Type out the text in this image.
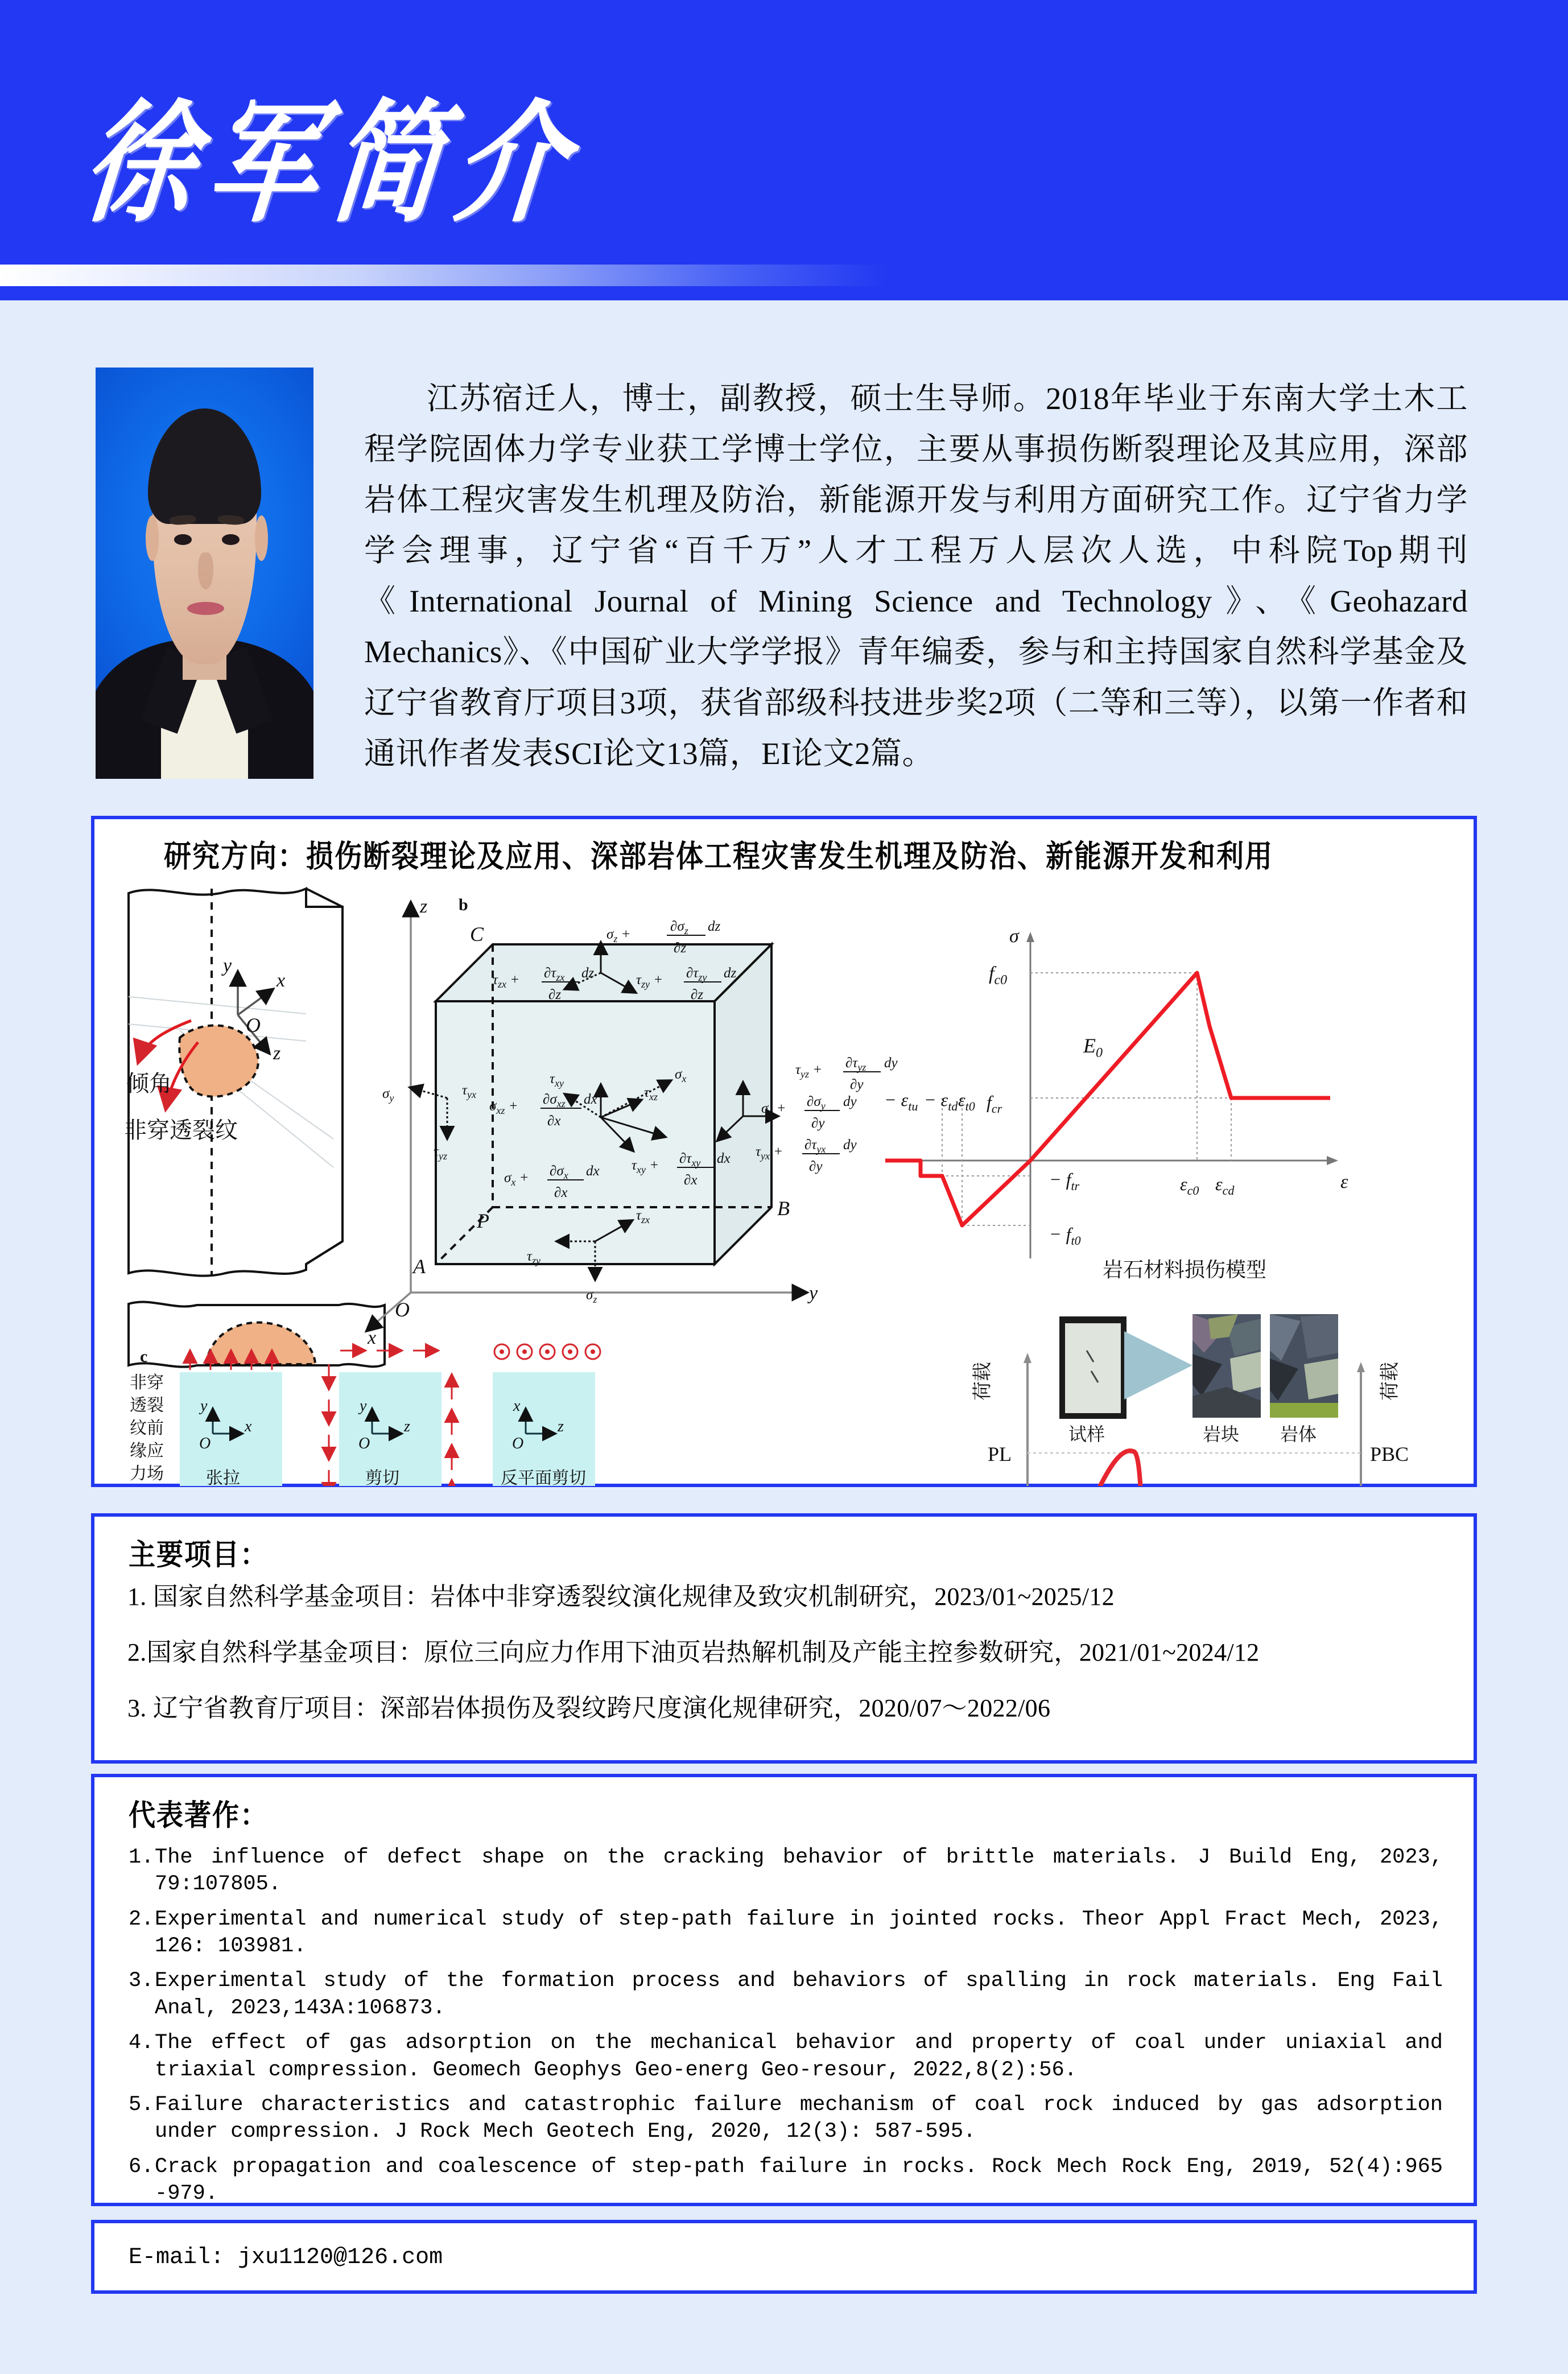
徐军简介
江苏宿迁人，博士，副教授，硕士生导师。2018年毕业于东南大学土木工程学院固体力学专业获工学博士学位，主要从事损伤断裂理论及其应用，深部岩体工程灾害发生机理及防治，新能源开发与利用方面研究工作。辽宁省力学学会理事，辽宁省“百千万”人才工程万人层次人选，中科院Top期刊《International Journal of Mining Science and Technology》、《Geohazard Mechanics》、《中国矿业大学学报》青年编委，参与和主持国家自然科学基金及辽宁省教育厅项目3项，获省部级科技进步奖2项（二等和三等），以第一作者和通讯作者发表SCI论文13篇，EI论文2篇。
研究方向：损伤断裂理论及应用、深部岩体工程灾害发生机理及防治、新能源开发和利用
y
x
z
O
倾角
非穿透裂纹
z
y
x
O
b
C
A
B
P
$\sigma_z$ +
$\partial\sigma_z$ dz
∂z
$\tau_{zx} + \partial\tau_{zx}$ dz
∂z
$\tau_{zy} + \partial\tau_{zy}$ dz
∂z
$\sigma_x$
$\tau_{xy}$
$\tau_{xz}$
$\tau_{yx}$
$\sigma_{xz} + \partial\sigma_{xz}$ dx
∂x
$\sigma_x + \partial\sigma_x$ dx
∂x
$\tau_{xy} + \partial\tau_{xy}$ dx
∂x
$\sigma_y$
$\tau_{yz}$
$\tau_{yz} + \partial\tau_{yz}$ dy
∂y
$\sigma_y + \partial\sigma_y$ dy
∂y
$\tau_{yx} + \partial\tau_{yx}$ dy
∂y
$\tau_{zx}$
$\tau_{zy}$
$\sigma_z$
c
非穿
透裂
纹前
缘应
力场
y
x
O
张拉
y
z
O
剪切
x
z
O
反平面剪切
σ
ε
$f_{c0}$
$E_0$
$f_{cr}$
− $\varepsilon_{tu} - \varepsilon_{td}$ $\varepsilon_{t0}$
− $f_{tr}$
− $f_{t0}$
$\varepsilon_{c0}$ $\varepsilon_{cd}$
岩石材料损伤模型
试样	岩块 岩体
荷载	荷载
PL	PBC
主要项目：
1. 国家自然科学基金项目：岩体中非穿透裂纹演化规律及致灾机制研究，2023/01~2025/12
2.国家自然科学基金项目：原位三向应力作用下油页岩热解机制及产能主控参数研究，2021/01~2024/12
3. 辽宁省教育厅项目：深部岩体损伤及裂纹跨尺度演化规律研究，2020/07～2022/06
代表著作：
1. The influence of defect shape on the cracking behavior of brittle materials. J Build Eng, 2023, 79:107805.
2. Experimental and numerical study of step-path failure in jointed rocks. Theor Appl Fract Mech, 2023, 126: 103981.
3. Experimental study of the formation process and behaviors of spalling in rock materials. Eng Fail Anal, 2023,143A:106873.
4. The effect of gas adsorption on the mechanical behavior and property of coal under uniaxial and triaxial compression. Geomech Geophys Geo-energ Geo-resour, 2022,8(2):56.
5. Failure characteristics and catastrophic failure mechanism of coal rock induced by gas adsorption under compression. J Rock Mech Geotech Eng, 2020, 12(3): 587-595.
6. Crack propagation and coalescence of step-path failure in rocks. Rock Mech Rock Eng, 2019, 52(4):965 -979.
E-mail: jxu1120@126.com
